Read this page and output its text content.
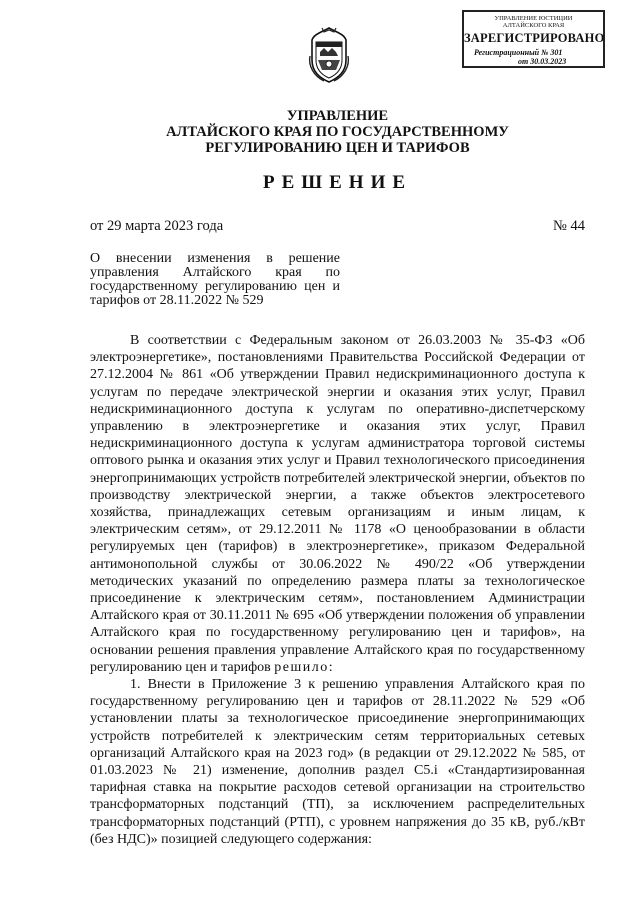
УПРАВЛЕНИЕ ЮСТИЦИИ
АЛТАЙСКОГО КРАЯ
ЗАРЕГИСТРИРОВАНО
Регистрационный № 301
от 30.03.2023
УПРАВЛЕНИЕ
АЛТАЙСКОГО КРАЯ ПО ГОСУДАРСТВЕННОМУ
РЕГУЛИРОВАНИЮ ЦЕН И ТАРИФОВ
РЕШЕНИЕ
от 29 марта 2023 года	№ 44
О внесении изменения в решение управления Алтайского края по государственному регулированию цен и тарифов от 28.11.2022 № 529

В соответствии с Федеральным законом от 26.03.2003 № 35-ФЗ «Об электроэнергетике», постановлениями Правительства Российской Федерации от 27.12.2004 № 861 «Об утверждении Правил недискриминационного доступа к услугам по передаче электрической энергии и оказания этих услуг, Правил недискриминационного доступа к услугам по оперативно-диспетчерскому управлению в электроэнергетике и оказания этих услуг, Правил недискриминационного доступа к услугам администратора торговой системы оптового рынка и оказания этих услуг и Правил технологического присоединения энергопринимающих устройств потребителей электрической энергии, объектов по производству электрической энергии, а также объектов электросетевого хозяйства, принадлежащих сетевым организациям и иным лицам, к электрическим сетям», от 29.12.2011 № 1178 «О ценообразовании в области регулируемых цен (тарифов) в электроэнергетике», приказом Федеральной антимонопольной службы от 30.06.2022 № 490/22 «Об утверждении методических указаний по определению размера платы за технологическое присоединение к электрическим сетям», постановлением Администрации Алтайского края от 30.11.2011 № 695 «Об утверждении положения об управлении Алтайского края по государственному регулированию цен и тарифов», на основании решения правления управление Алтайского края по государственному регулированию цен и тарифов решило:

1. Внести в Приложение 3 к решению управления Алтайского края по государственному регулированию цен и тарифов от 28.11.2022 № 529 «Об установлении платы за технологическое присоединение энергопринимающих устройств потребителей к электрическим сетям территориальных сетевых организаций Алтайского края на 2023 год» (в редакции от 29.12.2022 № 585, от 01.03.2023 № 21) изменение, дополнив раздел С5.i «Стандартизированная тарифная ставка на покрытие расходов сетевой организации на строительство трансформаторных подстанций (ТП), за исключением распределительных трансформаторных подстанций (РТП), с уровнем напряжения до 35 кВ, руб./кВт (без НДС)» позицией следующего содержания:
